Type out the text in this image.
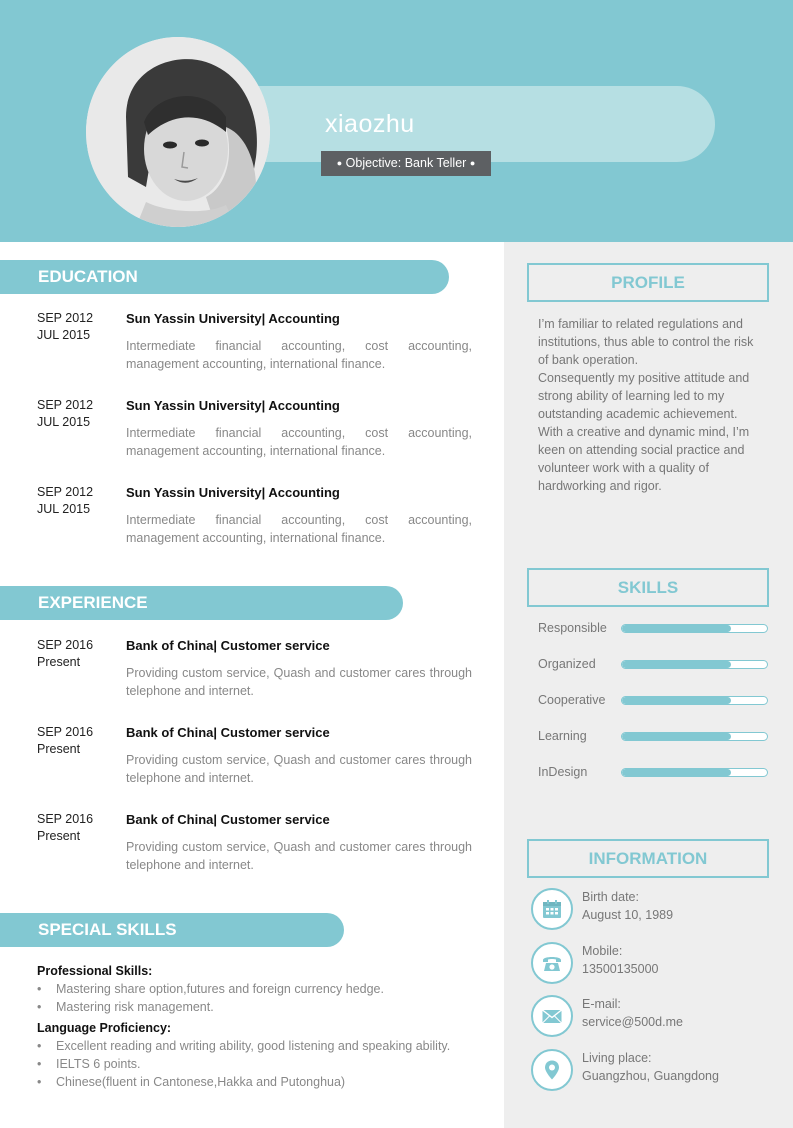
xiaozhu
● Objective: Bank Teller ●
EDUCATION
SEP 2012
JUL 2015
Sun Yassin University| Accounting
Intermediate financial accounting, cost accounting, management accounting, international finance.
SEP 2012
JUL 2015
Sun Yassin University| Accounting
Intermediate financial accounting, cost accounting, management accounting, international finance.
SEP 2012
JUL 2015
Sun Yassin University| Accounting
Intermediate financial accounting, cost accounting, management accounting, international finance.
EXPERIENCE
SEP 2016
Present
Bank of China| Customer service
Providing custom service, Quash and customer cares through telephone and internet.
SEP 2016
Present
Bank of China| Customer service
Providing custom service, Quash and customer cares through telephone and internet.
SEP 2016
Present
Bank of China| Customer service
Providing custom service, Quash and customer cares through telephone and internet.
SPECIAL SKILLS
Professional Skills:
• Mastering share option,futures and foreign currency hedge.
• Mastering risk management.
Language Proficiency:
• Excellent reading and writing ability, good listening and speaking ability.
• IELTS 6 points.
• Chinese(fluent in Cantonese,Hakka and Putonghua)
PROFILE
I’m familiar to related regulations and institutions, thus able to control the risk of bank operation.
Consequently my positive attitude and strong ability of learning led to my outstanding academic achievement.
With a creative and dynamic mind, I’m keen on attending social practice and volunteer work with a quality of hardworking and rigor.
SKILLS
Responsible
Organized
Cooperative
Learning
InDesign
INFORMATION
Birth date:
August 10, 1989
Mobile:
13500135000
E-mail:
service@500d.me
Living place:
Guangzhou, Guangdong
